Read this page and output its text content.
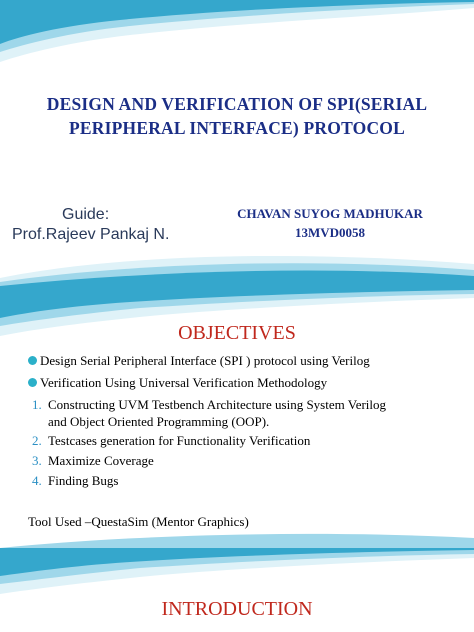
DESIGN AND VERIFICATION OF SPI(SERIAL
PERIPHERAL INTERFACE) PROTOCOL
Guide:
Prof.Rajeev Pankaj N.
CHAVAN SUYOG MADHUKAR
13MVD0058
OBJECTIVES
Design Serial Peripheral Interface (SPI ) protocol using Verilog
Verification Using Universal Verification Methodology
1. Constructing UVM Testbench Architecture using System Verilog
and Object Oriented Programming (OOP).
2. Testcases generation for Functionality Verification
3. Maximize Coverage
4. Finding Bugs
Tool Used –QuestaSim (Mentor Graphics)
INTRODUCTION
